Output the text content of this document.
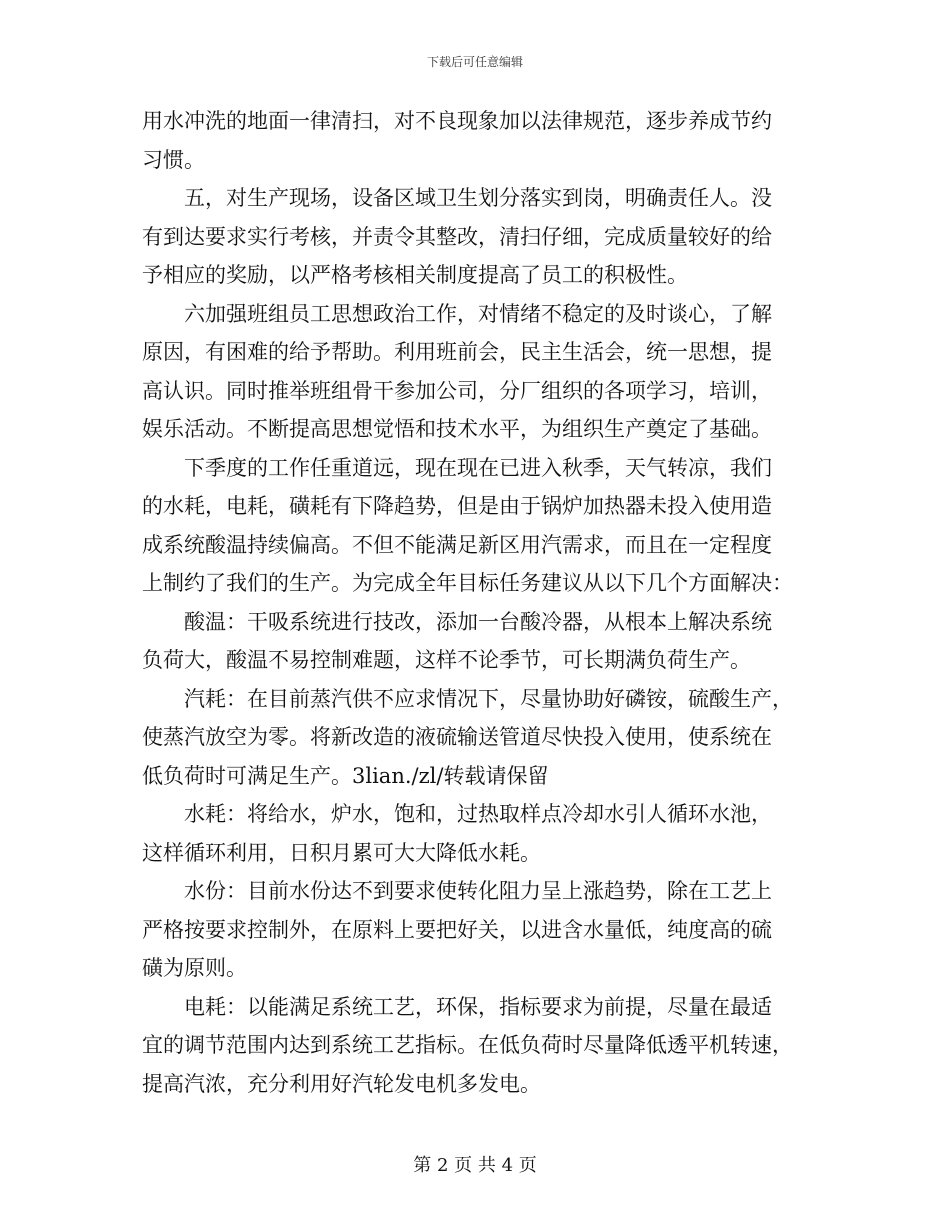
下载后可任意编辑
用水冲洗的地面一律清扫，对不良现象加以法律规范，逐步养成节约
习惯。
五，对生产现场，设备区域卫生划分落实到岗，明确责任人。没
有到达要求实行考核，并责令其整改，清扫仔细，完成质量较好的给
予相应的奖励，以严格考核相关制度提高了员工的积极性。
六加强班组员工思想政治工作，对情绪不稳定的及时谈心，了解
原因，有困难的给予帮助。利用班前会，民主生活会，统一思想，提
高认识。同时推举班组骨干参加公司，分厂组织的各项学习，培训，
娱乐活动。不断提高思想觉悟和技术水平，为组织生产奠定了基础。
下季度的工作任重道远，现在现在已进入秋季，天气转凉，我们
的水耗，电耗，磺耗有下降趋势，但是由于锅炉加热器未投入使用造
成系统酸温持续偏高。不但不能满足新区用汽需求，而且在一定程度
上制约了我们的生产。为完成全年目标任务建议从以下几个方面解决：
酸温：干吸系统进行技改，添加一台酸冷器，从根本上解决系统
负荷大，酸温不易控制难题，这样不论季节，可长期满负荷生产。
汽耗：在目前蒸汽供不应求情况下，尽量协助好磷铵，硫酸生产，
使蒸汽放空为零。将新改造的液硫输送管道尽快投入使用，使系统在
低负荷时可满足生产。3lian./zl/转载请保留
水耗：将给水，炉水，饱和，过热取样点冷却水引人循环水池，
这样循环利用，日积月累可大大降低水耗。
水份：目前水份达不到要求使转化阻力呈上涨趋势，除在工艺上
严格按要求控制外，在原料上要把好关，以进含水量低，纯度高的硫
磺为原则。
电耗：以能满足系统工艺，环保，指标要求为前提，尽量在最适
宜的调节范围内达到系统工艺指标。在低负荷时尽量降低透平机转速，
提高汽浓，充分利用好汽轮发电机多发电。
第 2 页 共 4 页
